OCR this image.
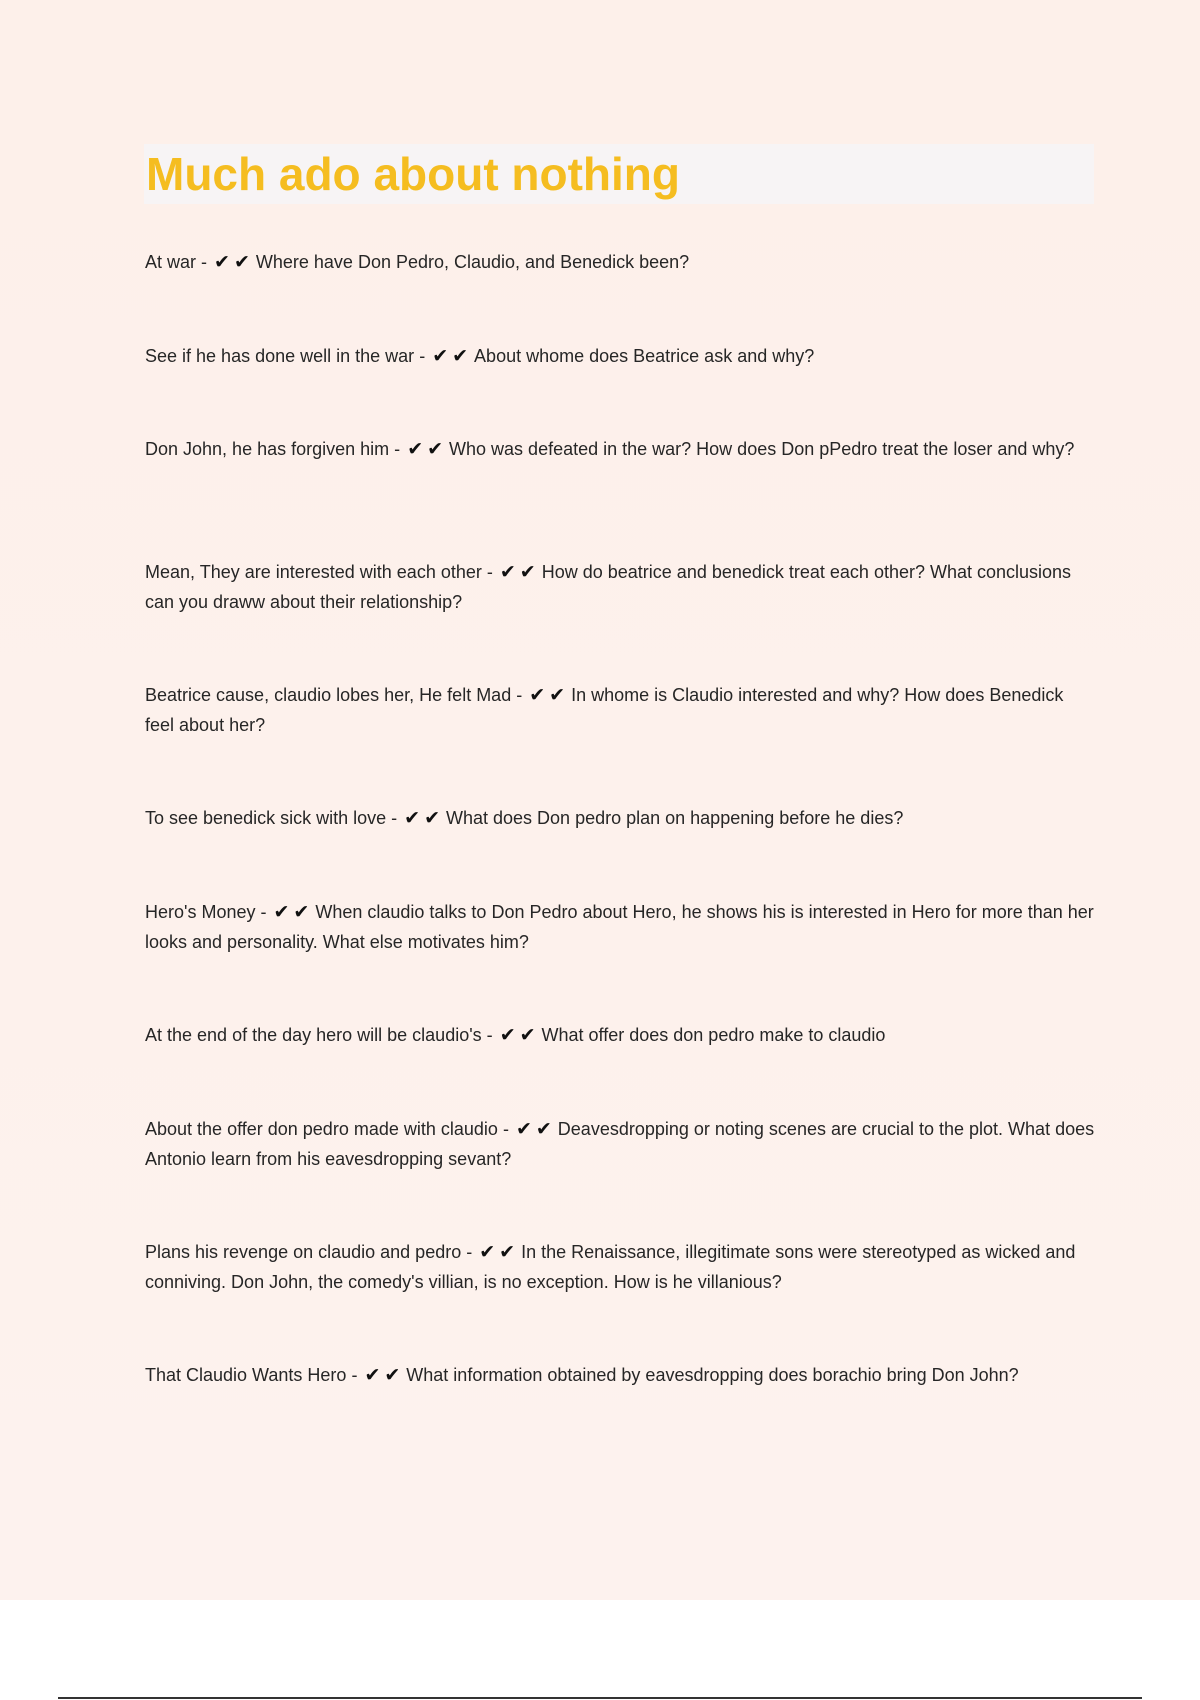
Much ado about nothing
At war - ✔✔ Where have Don Pedro, Claudio, and Benedick been?
See if he has done well in the war - ✔✔ About whome does Beatrice ask and why?
Don John, he has forgiven him - ✔✔ Who was defeated in the war? How does Don pPedro treat the loser and why?
Mean, They are interested with each other - ✔✔ How do beatrice and benedick treat each other? What conclusions can you draww about their relationship?
Beatrice cause, claudio lobes her, He felt Mad - ✔✔ In whome is Claudio interested and why? How does Benedick feel about her?
To see benedick sick with love - ✔✔ What does Don pedro plan on happening before he dies?
Hero's Money - ✔✔ When claudio talks to Don Pedro about Hero, he shows his is interested in Hero for more than her looks and personality. What else motivates him?
At the end of the day hero will be claudio's - ✔✔ What offer does don pedro make to claudio
About the offer don pedro made with claudio - ✔✔ Deavesdropping or noting scenes are crucial to the plot. What does Antonio learn from his eavesdropping sevant?
Plans his revenge on claudio and pedro - ✔✔ In the Renaissance, illegitimate sons were stereotyped as wicked and conniving. Don John, the comedy's villian, is no exception. How is he villanious?
That Claudio Wants Hero - ✔✔ What information obtained by eavesdropping does borachio bring Don John?
